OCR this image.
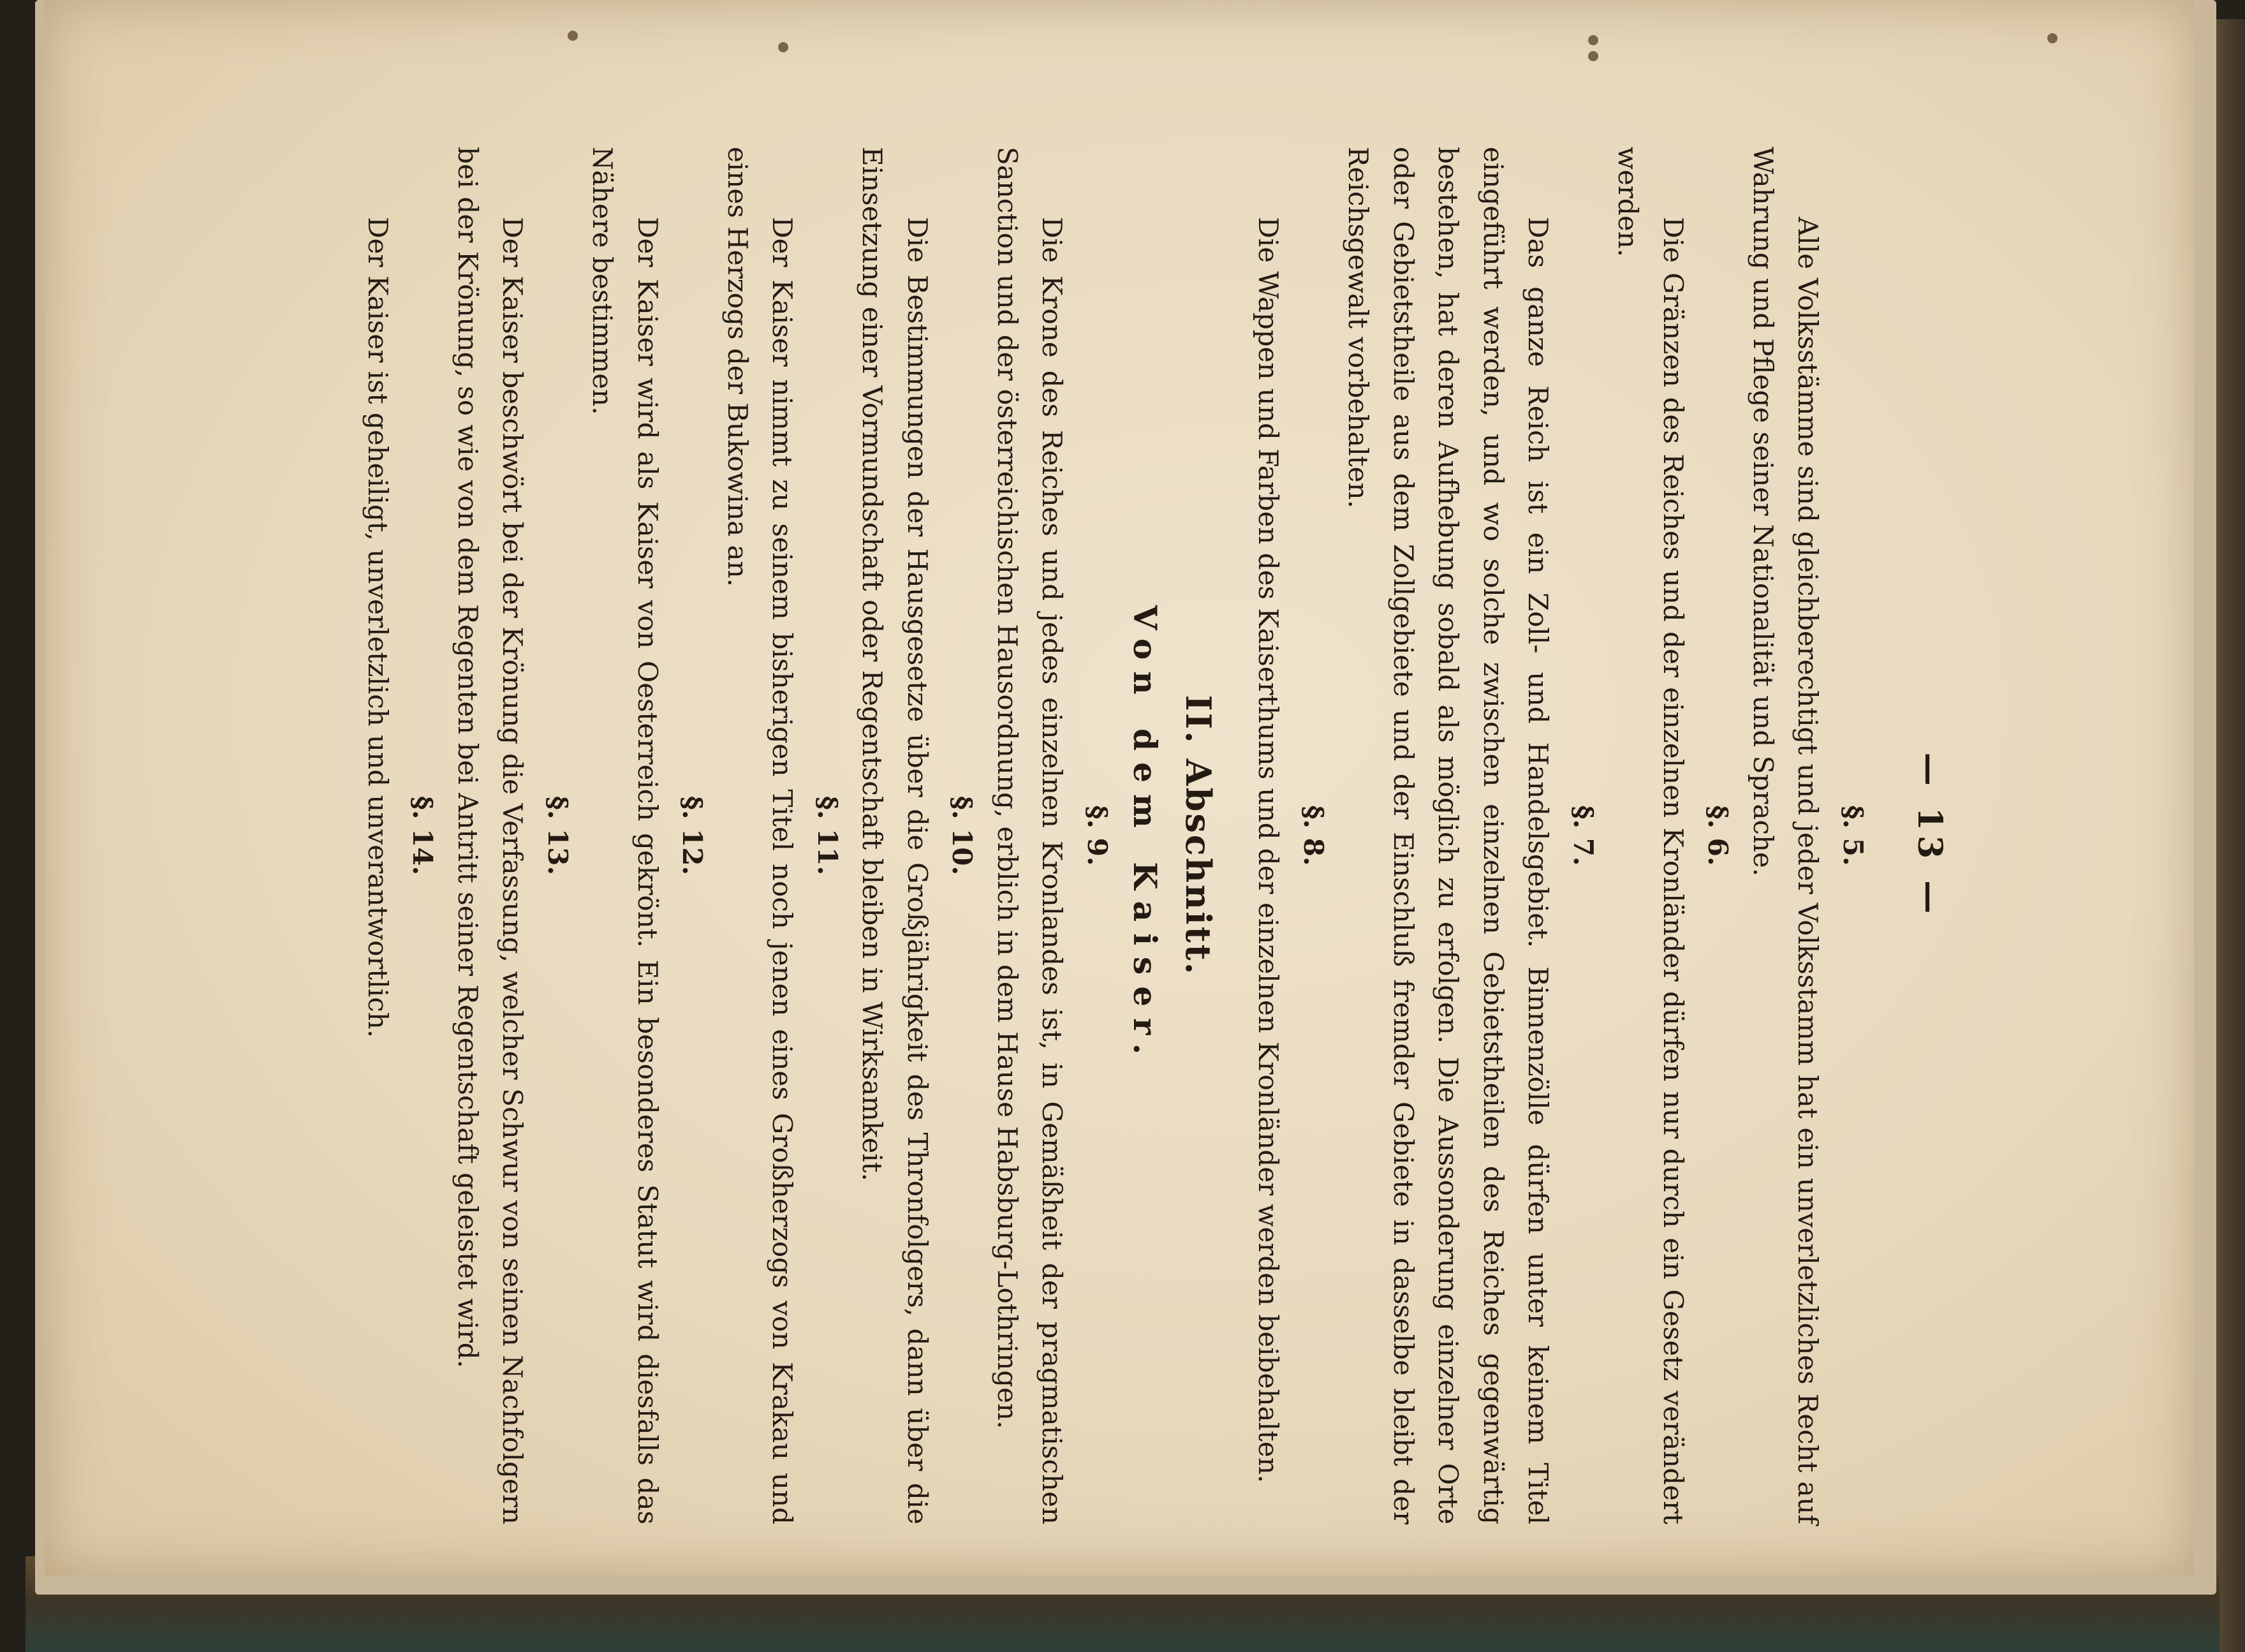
— 13 —
§. 5.

Alle Volksstämme sind gleichberechtigt und jeder Volksstamm hat ein unverletzliches Recht auf Wahrung und Pflege seiner Nationalität und Sprache.

§. 6.

Die Gränzen des Reiches und der einzelnen Kronländer dürfen nur durch ein Gesetz verändert werden.

§. 7.

Das ganze Reich ist ein Zoll- und Handelsgebiet. Binnenzölle dürfen unter keinem Titel eingeführt werden, und wo solche zwischen einzelnen Gebietstheilen des Reiches gegenwärtig bestehen, hat deren Aufhebung sobald als möglich zu erfolgen. Die Aussonderung einzelner Orte oder Gebietstheile aus dem Zollgebiete und der Einschluß fremder Gebiete in dasselbe bleibt der Reichsgewalt vorbehalten.

§. 8.

Die Wappen und Farben des Kaiserthums und der einzelnen Kronländer werden beibehalten.

II. Abschnitt.
Von dem Kaiser.
§. 9.

Die Krone des Reiches und jedes einzelnen Kronlandes ist, in Gemäßheit der pragmatischen Sanction und der österreichischen Hausordnung, erblich in dem Hause Habsburg-Lothringen.

§. 10.

Die Bestimmungen der Hausgesetze über die Großjährigkeit des Thronfolgers, dann über die Einsetzung einer Vormundschaft oder Regentschaft bleiben in Wirksamkeit.

§. 11.

Der Kaiser nimmt zu seinem bisherigen Titel noch jenen eines Großherzogs von Krakau und eines Herzogs der Bukowina an.

§. 12.

Der Kaiser wird als Kaiser von Oesterreich gekrönt. Ein besonderes Statut wird diesfalls das Nähere bestimmen.

§. 13.

Der Kaiser beschwört bei der Krönung die Verfassung, welcher Schwur von seinen Nachfolgern bei der Krönung, so wie von dem Regenten bei Antritt seiner Regentschaft geleistet wird.

§. 14.

Der Kaiser ist geheiligt, unverletzlich und unverantwortlich.
